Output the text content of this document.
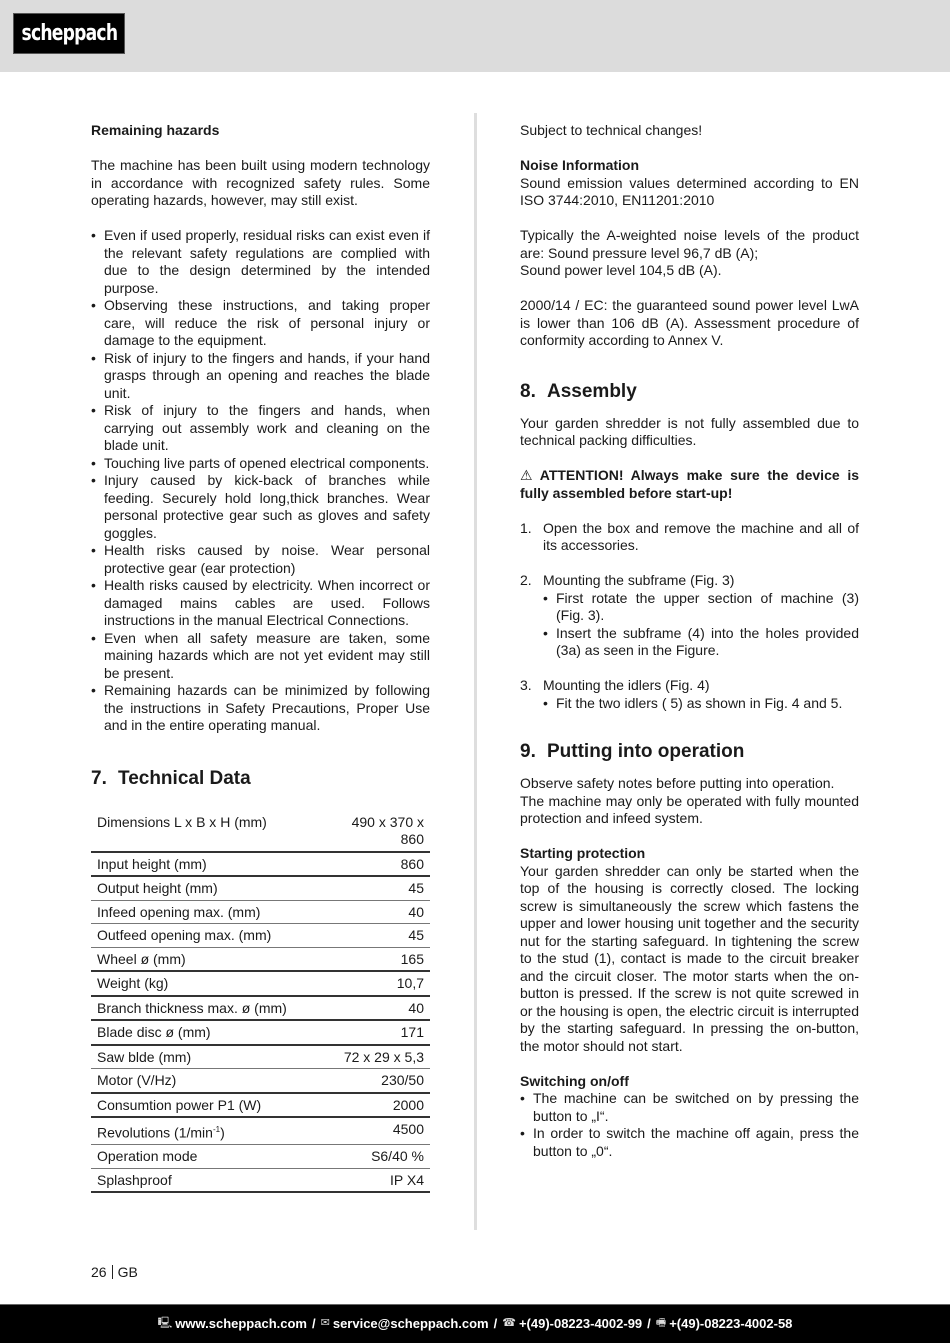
scheppach

Remaining hazards

The machine has been built using modern technology in accordance with recognized safety rules. Some operating hazards, however, may still exist.

• Even if used properly, residual risks can exist even if the relevant safety regulations are complied with due to the design determined by the intended purpose.
• Observing these instructions, and taking proper care, will reduce the risk of personal injury or damage to the equipment.
• Risk of injury to the fingers and hands, if your hand grasps through an opening and reaches the blade unit.
• Risk of injury to the fingers and hands, when carrying out assembly work and cleaning on the blade unit.
• Touching live parts of opened electrical components.
• Injury caused by kick-back of branches while feeding. Securely hold long,thick branches. Wear personal protective gear such as gloves and safety goggles.
• Health risks caused by noise. Wear personal protective gear (ear protection)
• Health risks caused by electricity. When incorrect or damaged mains cables are used. Follows instructions in the manual Electrical Connections.
• Even when all safety measure are taken, some maining hazards which are not yet evident may still be present.
• Remaining hazards can be minimized by following the instructions in Safety Precautions, Proper Use and in the entire operating manual.
7. Technical Data
Dimensions L x B x H (mm)	490 x 370 x 860
Input height (mm)	860
Output height (mm)	45
Infeed opening max. (mm)	40
Outfeed opening max. (mm)	45
Wheel ø (mm)	165
Weight (kg)	10,7
Branch thickness max. ø (mm)	40
Blade disc ø (mm)	171
Saw blde (mm)	72 x 29 x 5,3
Motor (V/Hz)	230/50
Consumtion power P1 (W)	2000
Revolutions $(1/\min^{-1})$	4500
Operation mode	S6/40 %
Splashproof	IP X4

Subject to technical changes!

Noise Information

Sound emission values determined according to EN ISO 3744:2010, EN11201:2010

Typically the A-weighted noise levels of the product are: Sound pressure level 96,7 dB (A);

Sound power level 104,5 dB (A).

2000/14 / EC: the guaranteed sound power level LwA is lower than 106 dB (A). Assessment procedure of conformity according to Annex V.

8. Assembly

Your garden shredder is not fully assembled due to technical packing difficulties.

⚠ ATTENTION! Always make sure the device is fully assembled before start-up!

1. Open the box and remove the machine and all of its accessories.

2. Mounting the subframe (Fig. 3)

• First rotate the upper section of machine (3) (Fig. 3).
• Insert the subframe (4) into the holes provided (3a) as seen in the Figure.
3. Mounting the idlers (Fig. 4)

• Fit the two idlers ( 5) as shown in Fig. 4 and 5.
9. Putting into operation

Observe safety notes before putting into operation.

The machine may only be operated with fully mounted protection and infeed system.

Starting protection

Your garden shredder can only be started when the top of the housing is correctly closed. The locking screw is simultaneously the screw which fastens the upper and lower housing unit together and the security nut for the starting safeguard. In tightening the screw to the stud (1), contact is made to the circuit breaker and the circuit closer. The motor starts when the on-button is pressed. If the screw is not quite screwed in or the housing is open, the electric circuit is interrupted by the starting safeguard. In pressing the on-button, the motor should not start.

Switching on/off

• The machine can be switched on by pressing the button to „I“.
• In order to switch the machine off again, press the button to „0“.
26 GB
🖳 www.scheppach.com / ✉ service@scheppach.com / ☎ +(49)-08223-4002-99 / 🖷 +(49)-08223-4002-58
